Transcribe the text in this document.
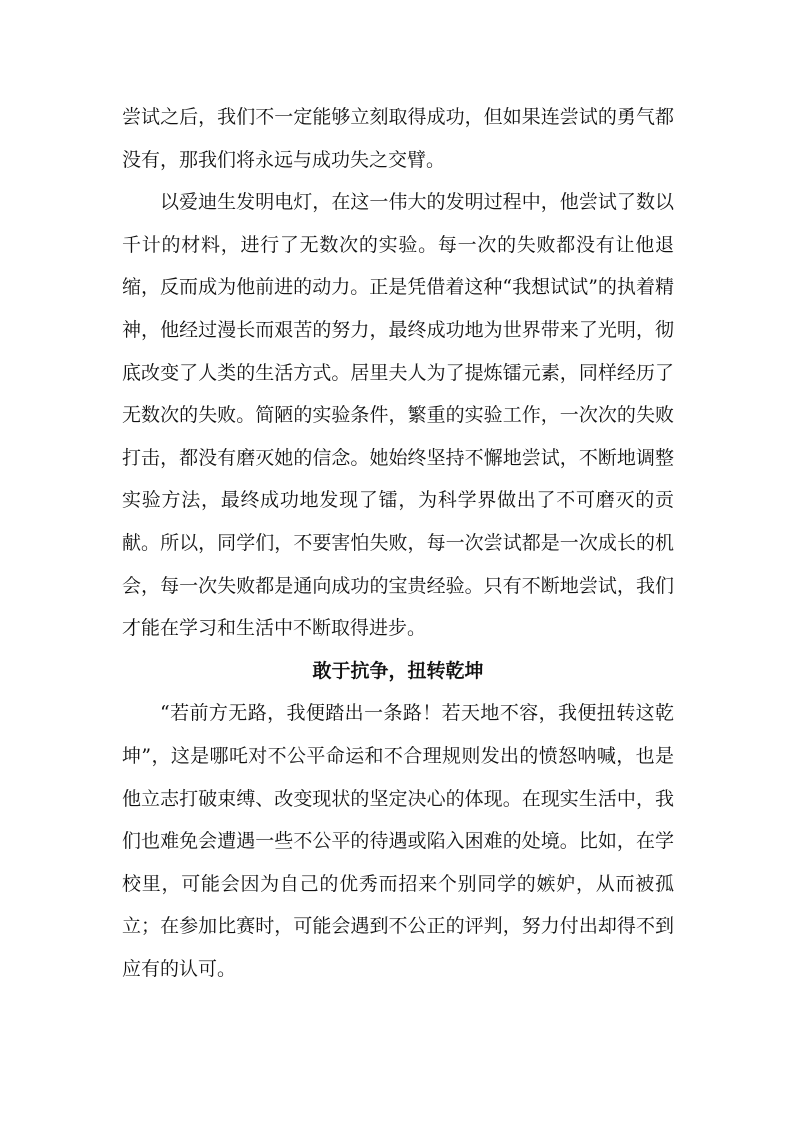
尝试之后，我们不一定能够立刻取得成功，但如果连尝试的勇气都没有，那我们将永远与成功失之交臂。

以爱迪生发明电灯，在这一伟大的发明过程中，他尝试了数以千计的材料，进行了无数次的实验。每一次的失败都没有让他退缩，反而成为他前进的动力。正是凭借着这种“我想试试”的执着精神，他经过漫长而艰苦的努力，最终成功地为世界带来了光明，彻底改变了人类的生活方式。居里夫人为了提炼镭元素，同样经历了无数次的失败。简陋的实验条件，繁重的实验工作，一次次的失败打击，都没有磨灭她的信念。她始终坚持不懈地尝试，不断地调整实验方法，最终成功地发现了镭，为科学界做出了不可磨灭的贡献。所以，同学们，不要害怕失败，每一次尝试都是一次成长的机会，每一次失败都是通向成功的宝贵经验。只有不断地尝试，我们才能在学习和生活中不断取得进步。

敢于抗争，扭转乾坤

“若前方无路，我便踏出一条路！若天地不容，我便扭转这乾坤”，这是哪吒对不公平命运和不合理规则发出的愤怒呐喊，也是他立志打破束缚、改变现状的坚定决心的体现。在现实生活中，我们也难免会遭遇一些不公平的待遇或陷入困难的处境。比如，在学校里，可能会因为自己的优秀而招来个别同学的嫉妒，从而被孤立；在参加比赛时，可能会遇到不公正的评判，努力付出却得不到应有的认可。
